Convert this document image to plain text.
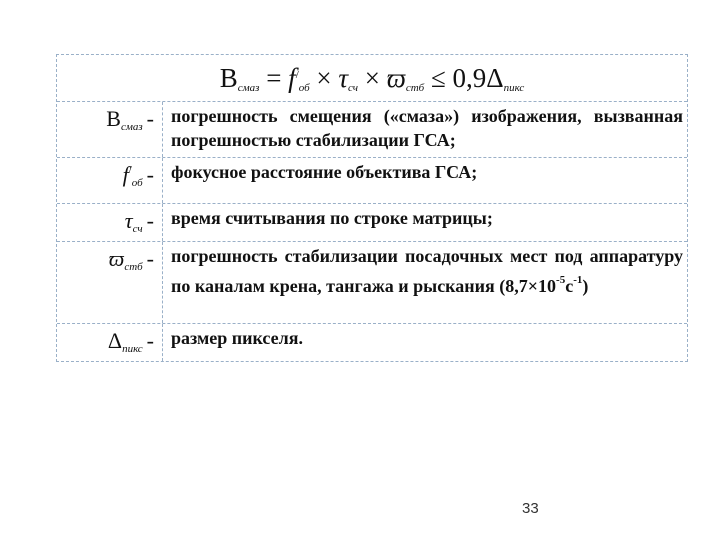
$B_{смаз} = f^/_{об} \times \tau_{сч} \times ϖ_{стб} \le 0,9\Delta_{пикс}$
$B_{смаз}$ - погрешность смещения («смаза») изображения, вызванная погрешностью стабилизации ГСА;
$f^/_{об}$ - фокусное расстояние объектива ГСА;
$\tau_{сч}$ - время считывания по строке матрицы;
$ϖ_{стб}$ - погрешность стабилизации посадочных мест под аппаратуру по каналам крена, тангажа и рыскания $(8,7\times 10^{-5}с^{-1})$
$\Delta_{пикс}$ - размер пикселя.
33
